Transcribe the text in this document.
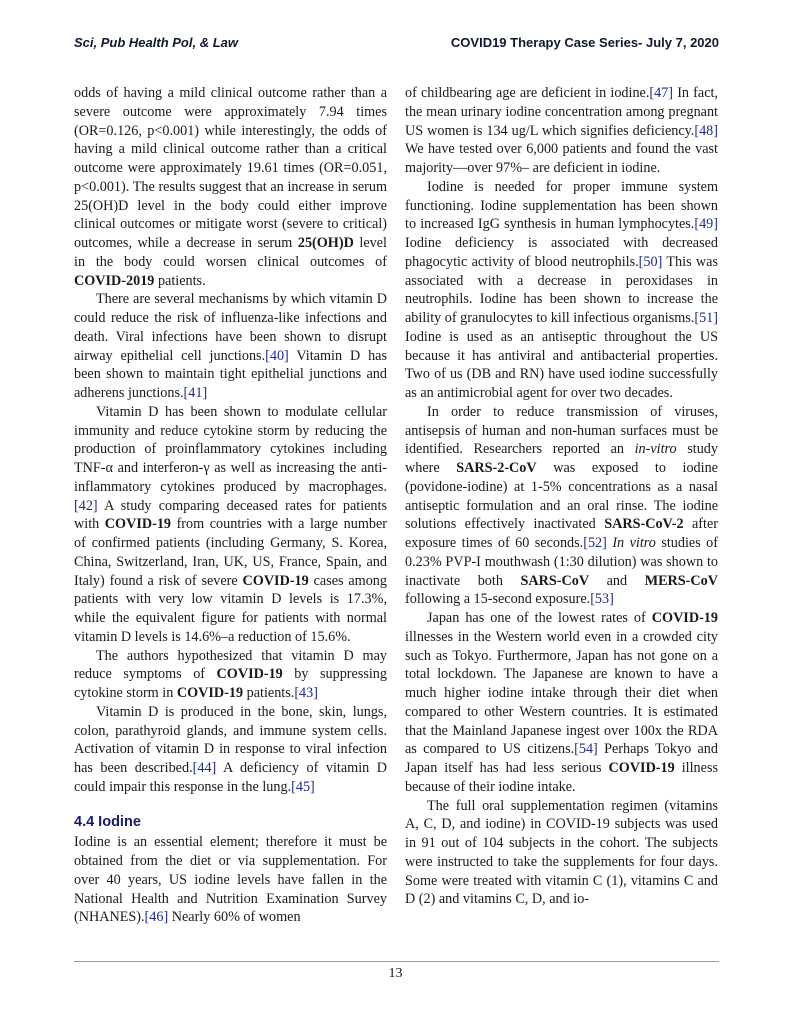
Sci, Pub Health Pol, & Law	COVID19 Therapy Case Series- July 7, 2020

odds of having a mild clinical outcome rather than a severe outcome were approximately 7.94 times (OR=0.126, p<0.001) while interestingly, the odds of having a mild clinical outcome rather than a critical outcome were approximately 19.61 times (OR=0.051, p<0.001). The results suggest that an increase in serum 25(OH)D level in the body could either improve clinical outcomes or mitigate worst (severe to critical) outcomes, while a decrease in serum 25(OH)D level in the body could worsen clinical outcomes of COVID-2019 patients.

There are several mechanisms by which vitamin D could reduce the risk of influenza-like infections and death. Viral infections have been shown to disrupt airway epithelial cell junctions.[40] Vitamin D has been shown to maintain tight epithelial junctions and adherens junctions.[41]

Vitamin D has been shown to modulate cellular immunity and reduce cytokine storm by reducing the production of proinflammatory cytokines including TNF-α and interferon-γ as well as increasing the anti-inflammatory cytokines produced by macrophages.[42] A study comparing deceased rates for patients with COVID-19 from countries with a large number of confirmed patients (including Germany, S. Korea, China, Switzerland, Iran, UK, US, France, Spain, and Italy) found a risk of severe COVID-19 cases among patients with very low vitamin D levels is 17.3%, while the equivalent figure for patients with normal vitamin D levels is 14.6%–a reduction of 15.6%.

The authors hypothesized that vitamin D may reduce symptoms of COVID-19 by suppressing cytokine storm in COVID-19 patients.[43]

Vitamin D is produced in the bone, skin, lungs, colon, parathyroid glands, and immune system cells. Activation of vitamin D in response to viral infection has been described.[44] A deficiency of vitamin D could impair this response in the lung.[45]

4.4 Iodine

Iodine is an essential element; therefore it must be obtained from the diet or via supplementation. For over 40 years, US iodine levels have fallen in the National Health and Nutrition Examination Survey (NHANES).[46] Nearly 60% of women

of childbearing age are deficient in iodine.[47] In fact, the mean urinary iodine concentration among pregnant US women is 134 ug/L which signifies deficiency.[48] We have tested over 6,000 patients and found the vast majority—over 97%– are deficient in iodine.

Iodine is needed for proper immune system functioning. Iodine supplementation has been shown to increased IgG synthesis in human lymphocytes.[49] Iodine deficiency is associated with decreased phagocytic activity of blood neutrophils.[50] This was associated with a decrease in peroxidases in neutrophils. Iodine has been shown to increase the ability of granulocytes to kill infectious organisms.[51] Iodine is used as an antiseptic throughout the US because it has antiviral and antibacterial properties. Two of us (DB and RN) have used iodine successfully as an antimicrobial agent for over two decades.

In order to reduce transmission of viruses, antisepsis of human and non-human surfaces must be identified. Researchers reported an in-vitro study where SARS-2-CoV was exposed to iodine (povidone-iodine) at 1-5% concentrations as a nasal antiseptic formulation and an oral rinse. The iodine solutions effectively inactivated SARS-CoV-2 after exposure times of 60 seconds.[52] In vitro studies of 0.23% PVP-I mouthwash (1:30 dilution) was shown to inactivate both SARS-CoV and MERS-CoV following a 15-second exposure.[53]

Japan has one of the lowest rates of COVID-19 illnesses in the Western world even in a crowded city such as Tokyo. Furthermore, Japan has not gone on a total lockdown. The Japanese are known to have a much higher iodine intake through their diet when compared to other Western countries. It is estimated that the Mainland Japanese ingest over 100x the RDA as compared to US citizens.[54] Perhaps Tokyo and Japan itself has had less serious COVID-19 illness because of their iodine intake.

The full oral supplementation regimen (vitamins A, C, D, and iodine) in COVID-19 subjects was used in 91 out of 104 subjects in the cohort. The subjects were instructed to take the supplements for four days. Some were treated with vitamin C (1), vitamins C and D (2) and vitamins C, D, and io-

13
